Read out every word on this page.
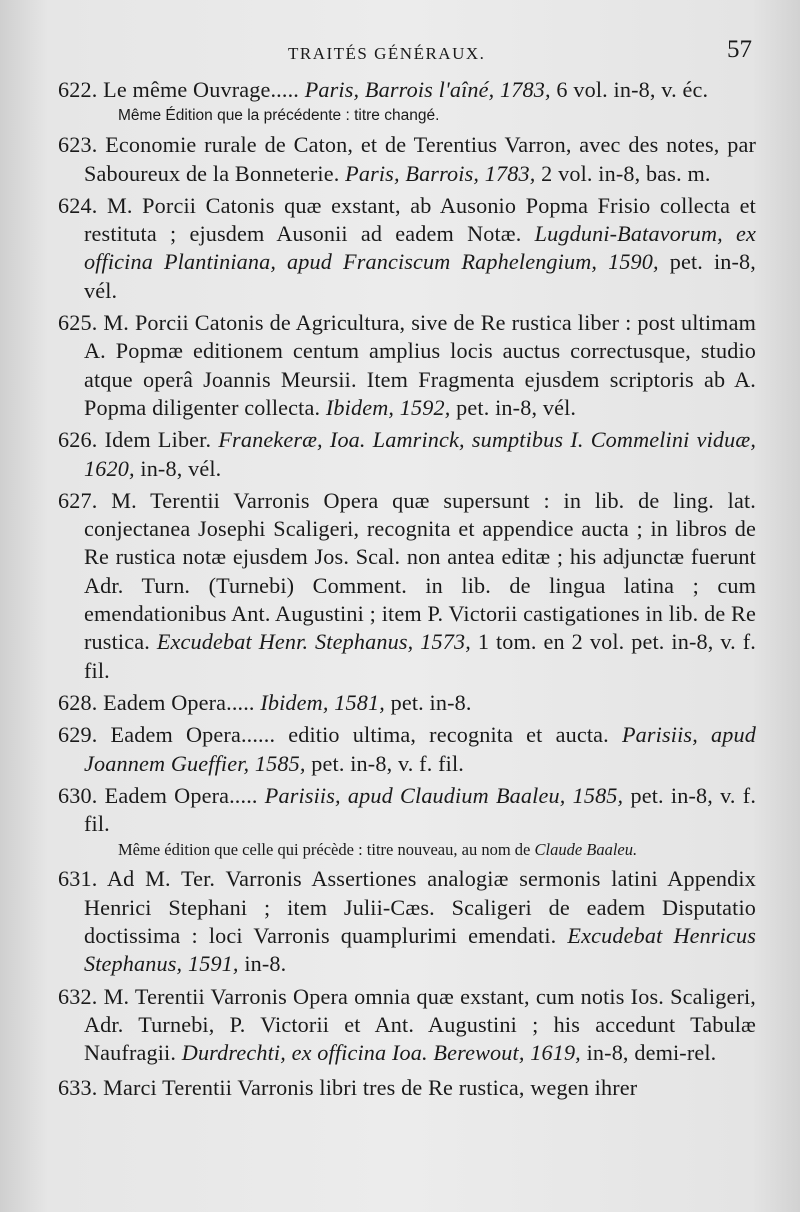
TRAITÉS GÉNÉRAUX.	57

622. Le même Ouvrage..... Paris, Barrois l'aîné, 1783, 6 vol. in-8, v. éc.

Même Édition que la précédente : titre changé.

623. Economie rurale de Caton, et de Terentius Varron, avec des notes, par Saboureux de la Bonneterie. Paris, Barrois, 1783, 2 vol. in-8, bas. m.

624. M. Porcii Catonis quæ exstant, ab Ausonio Popma Frisio collecta et restituta ; ejusdem Ausonii ad eadem Notæ. Lugduni-Batavorum, ex officina Plantiniana, apud Franciscum Raphelengium, 1590, pet. in-8, vél.

625. M. Porcii Catonis de Agricultura, sive de Re rustica liber : post ultimam A. Popmæ editionem centum amplius locis auctus correctusque, studio atque operâ Joannis Meursii. Item Fragmenta ejusdem scriptoris ab A. Popma diligenter collecta. Ibidem, 1592, pet. in-8, vél.

626. Idem Liber. Franekeræ, Ioa. Lamrinck, sumptibus I. Commelini viduæ, 1620, in-8, vél.

627. M. Terentii Varronis Opera quæ supersunt : in lib. de ling. lat. conjectanea Josephi Scaligeri, recognita et appendice aucta ; in libros de Re rustica notæ ejusdem Jos. Scal. non antea editæ ; his adjunctæ fuerunt Adr. Turn. (Turnebi) Comment. in lib. de lingua latina ; cum emendationibus Ant. Augustini ; item P. Victorii castigationes in lib. de Re rustica. Excudebat Henr. Stephanus, 1573, 1 tom. en 2 vol. pet. in-8, v. f. fil.

628. Eadem Opera..... Ibidem, 1581, pet. in-8.

629. Eadem Opera...... editio ultima, recognita et aucta. Parisiis, apud Joannem Gueffier, 1585, pet. in-8, v. f. fil.

630. Eadem Opera..... Parisiis, apud Claudium Baaleu, 1585, pet. in-8, v. f. fil.

Même édition que celle qui précède : titre nouveau, au nom de Claude Baaleu.

631. Ad M. Ter. Varronis Assertiones analogiæ sermonis latini Appendix Henrici Stephani ; item Julii-Cæs. Scaligeri de eadem Disputatio doctissima : loci Varronis quamplurimi emendati. Excudebat Henricus Stephanus, 1591, in-8.

632. M. Terentii Varronis Opera omnia quæ exstant, cum notis Ios. Scaligeri, Adr. Turnebi, P. Victorii et Ant. Augustini ; his accedunt Tabulæ Naufragii. Durdrechti, ex officina Ioa. Berewout, 1619, in-8, demi-rel.

633. Marci Terentii Varronis libri tres de Re rustica, wegen ihrer
